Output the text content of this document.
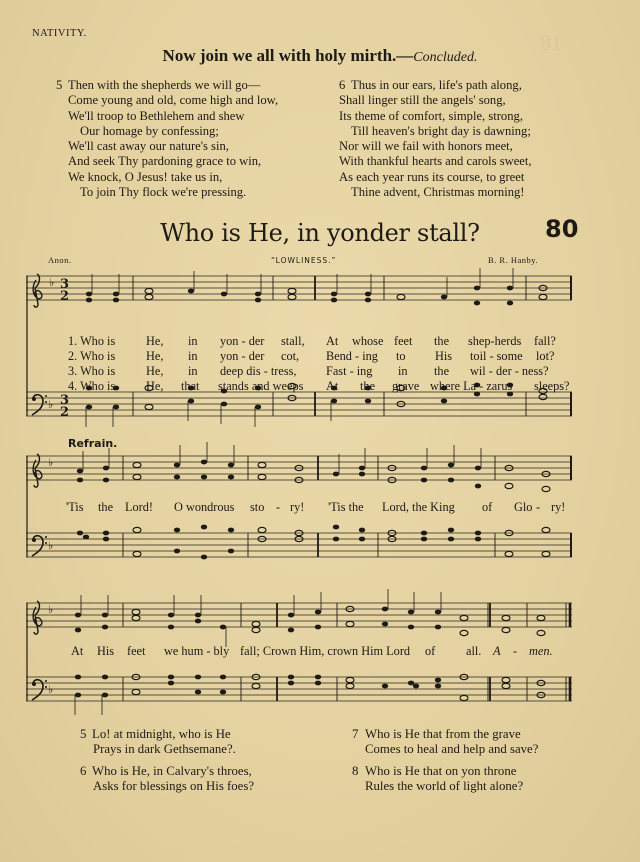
NATIVITY.	81
Now join we all with holy mirth.—Concluded.
5 Then with the shepherds we will go—
Come young and old, come high and low,
We'll troop to Bethlehem and shew
Our homage by confessing;
We'll cast away our nature's sin,
And seek Thy pardoning grace to win,
We knock, O Jesus! take us in,
To join Thy flock we're pressing.
6 Thus in our ears, life's path along,
Shall linger still the angels' song,
Its theme of comfort, simple, strong,
Till heaven's bright day is dawning;
Nor will we fail with honors meet,
With thankful hearts and carols sweet,
As each year runs its course, to greet
Thine advent, Christmas morning!
Who is He, in yonder stall?	80
Anon.	“LOWLINESS.”	B. R. Hanby.
♭
♭
3
2
3
2
♭
♭
♭
♭
1. Who is He, in yon - der stall, At whose feet the shep-herds fall?
2. Who is He, in yon - der cot, Bend - ing to His toil - some lot?
3. Who is He, in deep dis - tress, Fast - ing in the wil - der - ness?
4. Who is He, that stands and weeps At the grave where La - zarus sleeps?
Refrain.
'Tis the Lord! O wondrous sto - ry! 'Tis the Lord, the King of Glo - ry!
At His feet we hum - bly fall; Crown Him, crown Him Lord of	all. A - men.
5 Lo! at midnight, who is He
Prays in dark Gethsemane?.
6 Who is He, in Calvary's throes,
Asks for blessings on His foes?
7 Who is He that from the grave
Comes to heal and help and save?
8 Who is He that on yon throne
Rules the world of light alone?
